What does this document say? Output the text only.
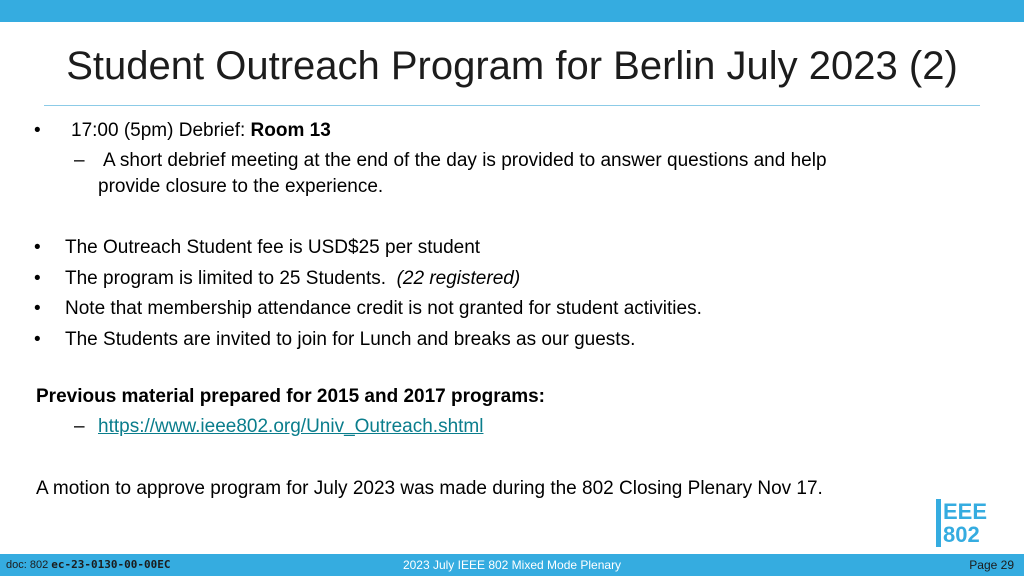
Student Outreach Program for Berlin July 2023 (2)
• 17:00 (5pm) Debrief: Room 13
– A short debrief meeting at the end of the day is provided to answer questions and help
provide closure to the experience.
• The Outreach Student fee is USD$25 per student
• The program is limited to 25 Students. (22 registered)
• Note that membership attendance credit is not granted for student activities.
• The Students are invited to join for Lunch and breaks as our guests.
Previous material prepared for 2015 and 2017 programs:
– https://www.ieee802.org/Univ_Outreach.shtml
A motion to approve program for July 2023 was made during the 802 Closing Plenary Nov 17.
EEE
802
doc: 802 ec-23-0130-00-00EC	2023 July IEEE 802 Mixed Mode Plenary	Page 29
